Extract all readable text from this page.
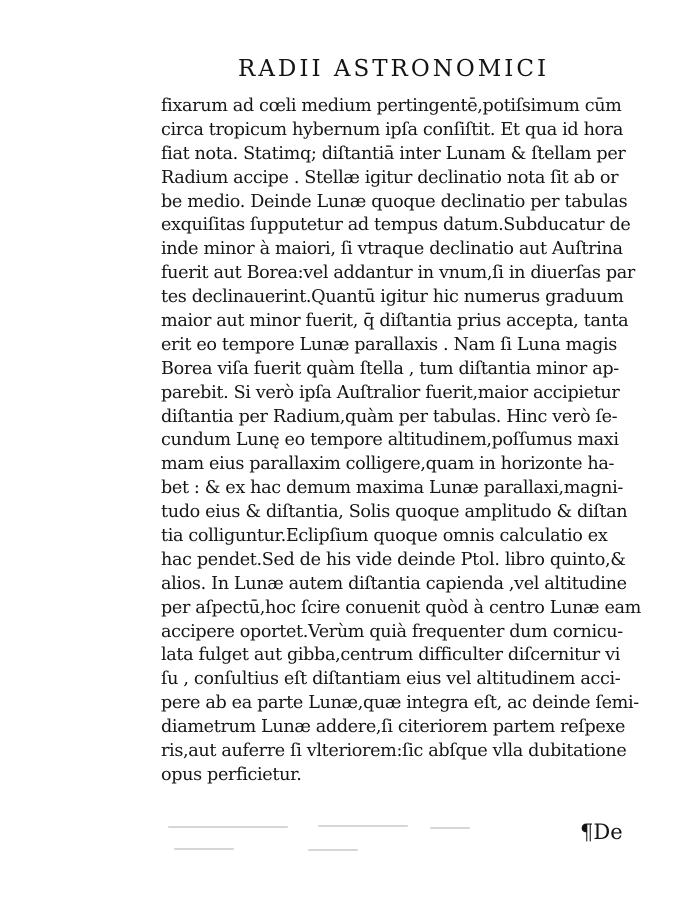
RADII ASTRONOMICI
fixarum ad cœli medium pertingentē,potiſsimum cūm
circa tropicum hybernum ipſa conſiſtit. Et qua id hora
fiat nota. Statimq; diſtantiā inter Lunam & ſtellam per
Radium accipe . Stellæ igitur declinatio nota ſit ab or
be medio. Deinde Lunæ quoque declinatio per tabulas
exquiſitas ſupputetur ad tempus datum.Subducatur de
inde minor à maiori, ſi vtraque declinatio aut Auſtrina
fuerit aut Borea:vel addantur in vnum,ſi in diuerſas par
tes declinauerint.Quantū igitur hic numerus graduum
maior aut minor fuerit, q̄ diſtantia prius accepta, tanta
erit eo tempore Lunæ parallaxis . Nam ſi Luna magis
Borea viſa fuerit quàm ſtella , tum diſtantia minor ap-
parebit. Si verò ipſa Auſtralior fuerit,maior accipietur
diſtantia per Radium,quàm per tabulas. Hinc verò ſe-
cundum Lunę eo tempore altitudinem,poſſumus maxi
mam eius parallaxim colligere,quam in horizonte ha-
bet : & ex hac demum maxima Lunæ parallaxi,magni-
tudo eius & diſtantia, Solis quoque amplitudo & diſtan
tia colliguntur.Eclipſium quoque omnis calculatio ex
hac pendet.Sed de his vide deinde Ptol. libro quinto,&
alios. In Lunæ autem diſtantia capienda ,vel altitudine
per aſpectū,hoc ſcire conuenit quòd à centro Lunæ eam
accipere oportet.Verùm quià frequenter dum cornicu-
lata fulget aut gibba,centrum difficulter diſcernitur vi
ſu , conſultius eſt diſtantiam eius vel altitudinem acci-
pere ab ea parte Lunæ,quæ integra eſt, ac deinde ſemi-
diametrum Lunæ addere,ſi citeriorem partem reſpexe
ris,aut auferre ſi vlteriorem:ſic abſque vlla dubitatione
opus perficietur.
¶De
